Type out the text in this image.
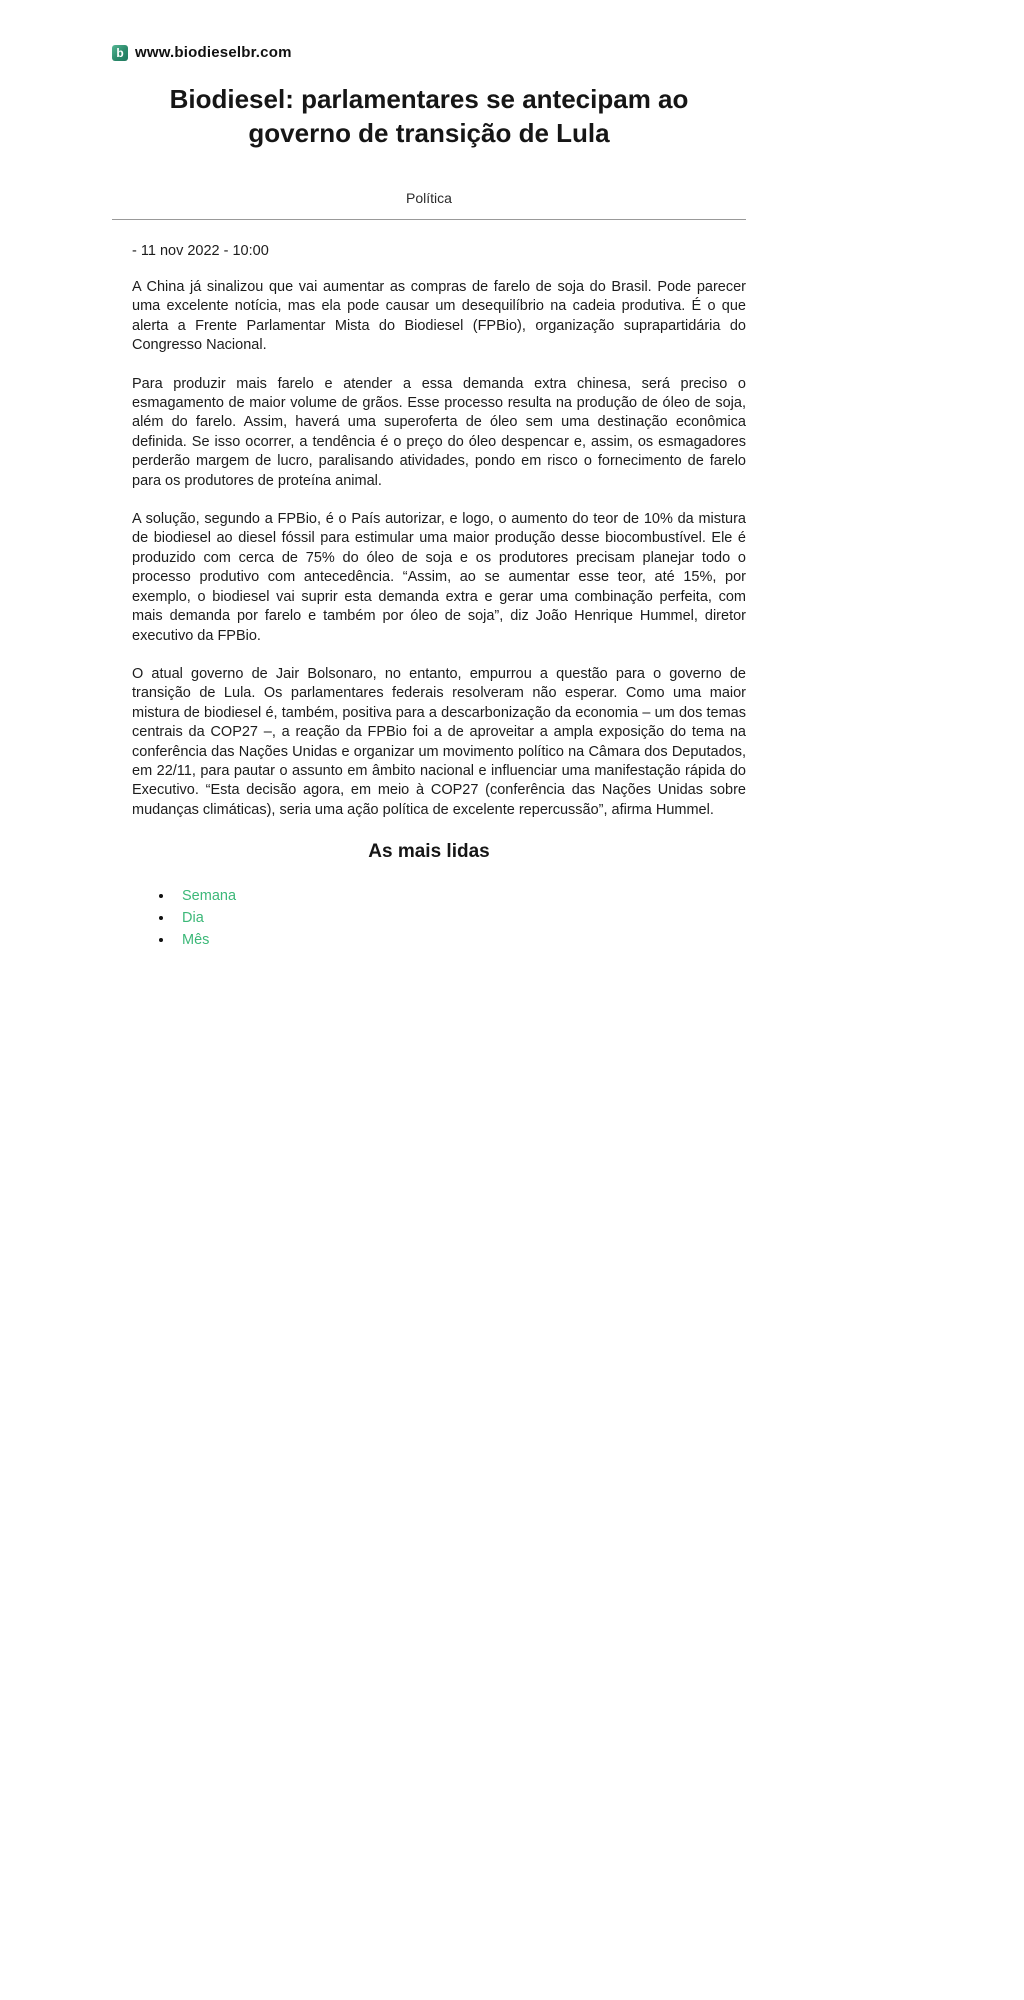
b www.biodieselbr.com
Biodiesel: parlamentares se antecipam ao governo de transição de Lula
Política
- 11 nov 2022 - 10:00

A China já sinalizou que vai aumentar as compras de farelo de soja do Brasil. Pode parecer uma excelente notícia, mas ela pode causar um desequilíbrio na cadeia produtiva. É o que alerta a Frente Parlamentar Mista do Biodiesel (FPBio), organização suprapartidária do Congresso Nacional.

Para produzir mais farelo e atender a essa demanda extra chinesa, será preciso o esmagamento de maior volume de grãos. Esse processo resulta na produção de óleo de soja, além do farelo. Assim, haverá uma superoferta de óleo sem uma destinação econômica definida. Se isso ocorrer, a tendência é o preço do óleo despencar e, assim, os esmagadores perderão margem de lucro, paralisando atividades, pondo em risco o fornecimento de farelo para os produtores de proteína animal.

A solução, segundo a FPBio, é o País autorizar, e logo, o aumento do teor de 10% da mistura de biodiesel ao diesel fóssil para estimular uma maior produção desse biocombustível. Ele é produzido com cerca de 75% do óleo de soja e os produtores precisam planejar todo o processo produtivo com antecedência. “Assim, ao se aumentar esse teor, até 15%, por exemplo, o biodiesel vai suprir esta demanda extra e gerar uma combinação perfeita, com mais demanda por farelo e também por óleo de soja”, diz João Henrique Hummel, diretor executivo da FPBio.

O atual governo de Jair Bolsonaro, no entanto, empurrou a questão para o governo de transição de Lula. Os parlamentares federais resolveram não esperar. Como uma maior mistura de biodiesel é, também, positiva para a descarbonização da economia – um dos temas centrais da COP27 –, a reação da FPBio foi a de aproveitar a ampla exposição do tema na conferência das Nações Unidas e organizar um movimento político na Câmara dos Deputados, em 22/11, para pautar o assunto em âmbito nacional e influenciar uma manifestação rápida do Executivo. “Esta decisão agora, em meio à COP27 (conferência das Nações Unidas sobre mudanças climáticas), seria uma ação política de excelente repercussão”, afirma Hummel.

As mais lidas
• Semana
• Dia
• Mês
